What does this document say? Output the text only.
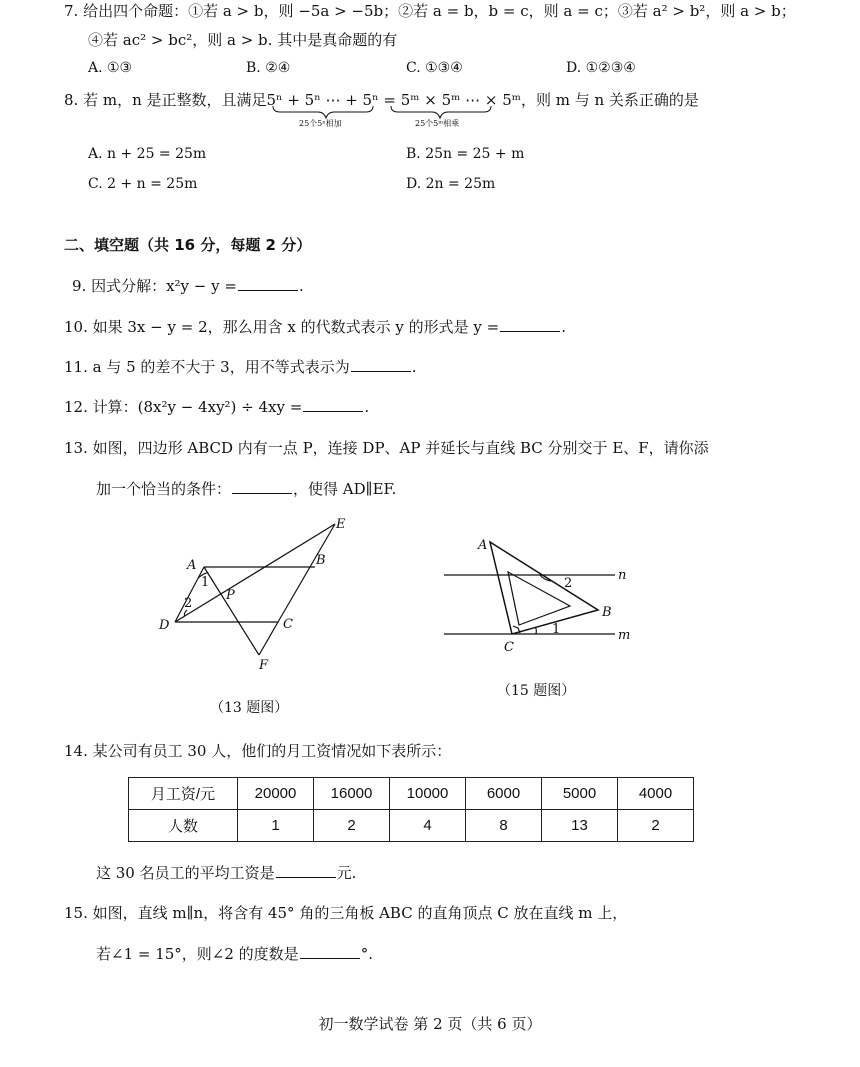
7. 给出四个命题：①若 a > b，则 −5a > −5b；②若 a = b，b = c，则 a = c；③若 a² > b²，则 a > b；
④若 ac² > bc²，则 a > b. 其中是真命题的有
A. ①③	B. ②④	C. ①③④	D. ①②③④
8. 若 m，n 是正整数，且满足5ⁿ + 5ⁿ ⋯ + 5ⁿ = 5ᵐ × 5ᵐ ⋯ × 5ᵐ，则 m 与 n 关系正确的是
25个5ⁿ相加	25个5ᵐ相乘
A. n + 25 = 25m	B. 25n = 25 + m
C. 2 + n = 25m	D. 2n = 25m
二、填空题（共 16 分，每题 2 分）
9. 因式分解：x²y − y =	.
10. 如果 3x − y = 2，那么用含 x 的代数式表示 y 的形式是 y =	.
11. a 与 5 的差不大于 3，用不等式表示为	.
12. 计算：(8x²y − 4xy²) ÷ 4xy =	.
13. 如图，四边形 ABCD 内有一点 P，连接 DP、AP 并延长与直线 BC 分别交于 E、F，请你添
加一个恰当的条件：	，使得 AD∥EF.
A	B
C
D
E
F
P
1
2
（13 题图）
A
B
C
n
m
1
2
（15 题图）
14. 某公司有员工 30 人，他们的月工资情况如下表所示：
月工资/元	20000	16000	10000	6000	5000	4000
人数	1	2	4	8	13	2
这 30 名员工的平均工资是	元.
15. 如图，直线 m∥n，将含有 45° 角的三角板 ABC 的直角顶点 C 放在直线 m 上，
若∠1 = 15°，则∠2 的度数是	°.
初一数学试卷 第 2 页（共 6 页）
